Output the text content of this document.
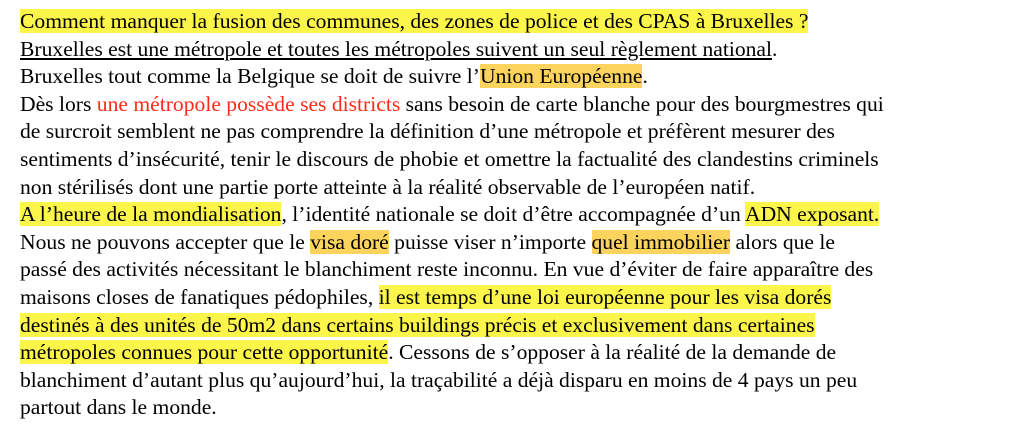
Comment manquer la fusion des communes, des zones de police et des CPAS à Bruxelles ?
Bruxelles est une métropole et toutes les métropoles suivent un seul règlement national.
Bruxelles tout comme la Belgique se doit de suivre l’Union Européenne.
Dès lors une métropole possède ses districts sans besoin de carte blanche pour des bourgmestres qui
de surcroit semblent ne pas comprendre la définition d’une métropole et préfèrent mesurer des
sentiments d’insécurité, tenir le discours de phobie et omettre la factualité des clandestins criminels
non stérilisés dont une partie porte atteinte à la réalité observable de l’européen natif.
A l’heure de la mondialisation, l’identité nationale se doit d’être accompagnée d’un ADN exposant.
Nous ne pouvons accepter que le visa doré puisse viser n’importe quel immobilier alors que le
passé des activités nécessitant le blanchiment reste inconnu. En vue d’éviter de faire apparaître des
maisons closes de fanatiques pédophiles, il est temps d’une loi européenne pour les visa dorés
destinés à des unités de 50m2 dans certains buildings précis et exclusivement dans certaines
métropoles connues pour cette opportunité. Cessons de s’opposer à la réalité de la demande de
blanchiment d’autant plus qu’aujourd’hui, la traçabilité a déjà disparu en moins de 4 pays un peu
partout dans le monde.
